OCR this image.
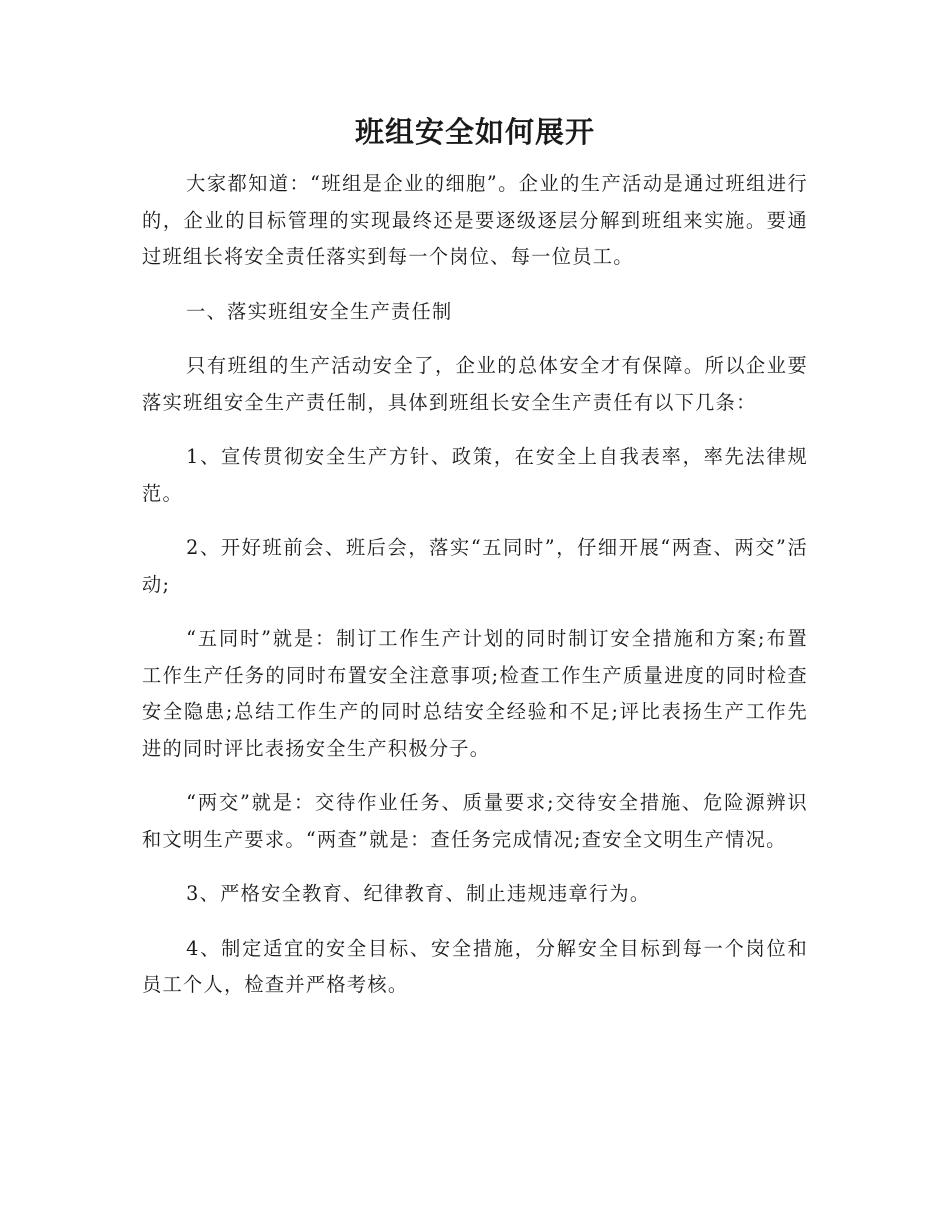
班组安全如何展开

大家都知道：“班组是企业的细胞”。企业的生产活动是通过班组进行的，企业的目标管理的实现最终还是要逐级逐层分解到班组来实施。要通过班组长将安全责任落实到每一个岗位、每一位员工。

一、落实班组安全生产责任制

只有班组的生产活动安全了，企业的总体安全才有保障。所以企业要落实班组安全生产责任制，具体到班组长安全生产责任有以下几条：

1、宣传贯彻安全生产方针、政策，在安全上自我表率，率先法律规范。

2、开好班前会、班后会，落实“五同时”，仔细开展“两查、两交”活动;

“五同时”就是：制订工作生产计划的同时制订安全措施和方案;布置工作生产任务的同时布置安全注意事项;检查工作生产质量进度的同时检查安全隐患;总结工作生产的同时总结安全经验和不足;评比表扬生产工作先进的同时评比表扬安全生产积极分子。

“两交”就是：交待作业任务、质量要求;交待安全措施、危险源辨识和文明生产要求。“两查”就是：查任务完成情况;查安全文明生产情况。

3、严格安全教育、纪律教育、制止违规违章行为。

4、制定适宜的安全目标、安全措施，分解安全目标到每一个岗位和员工个人，检查并严格考核。
